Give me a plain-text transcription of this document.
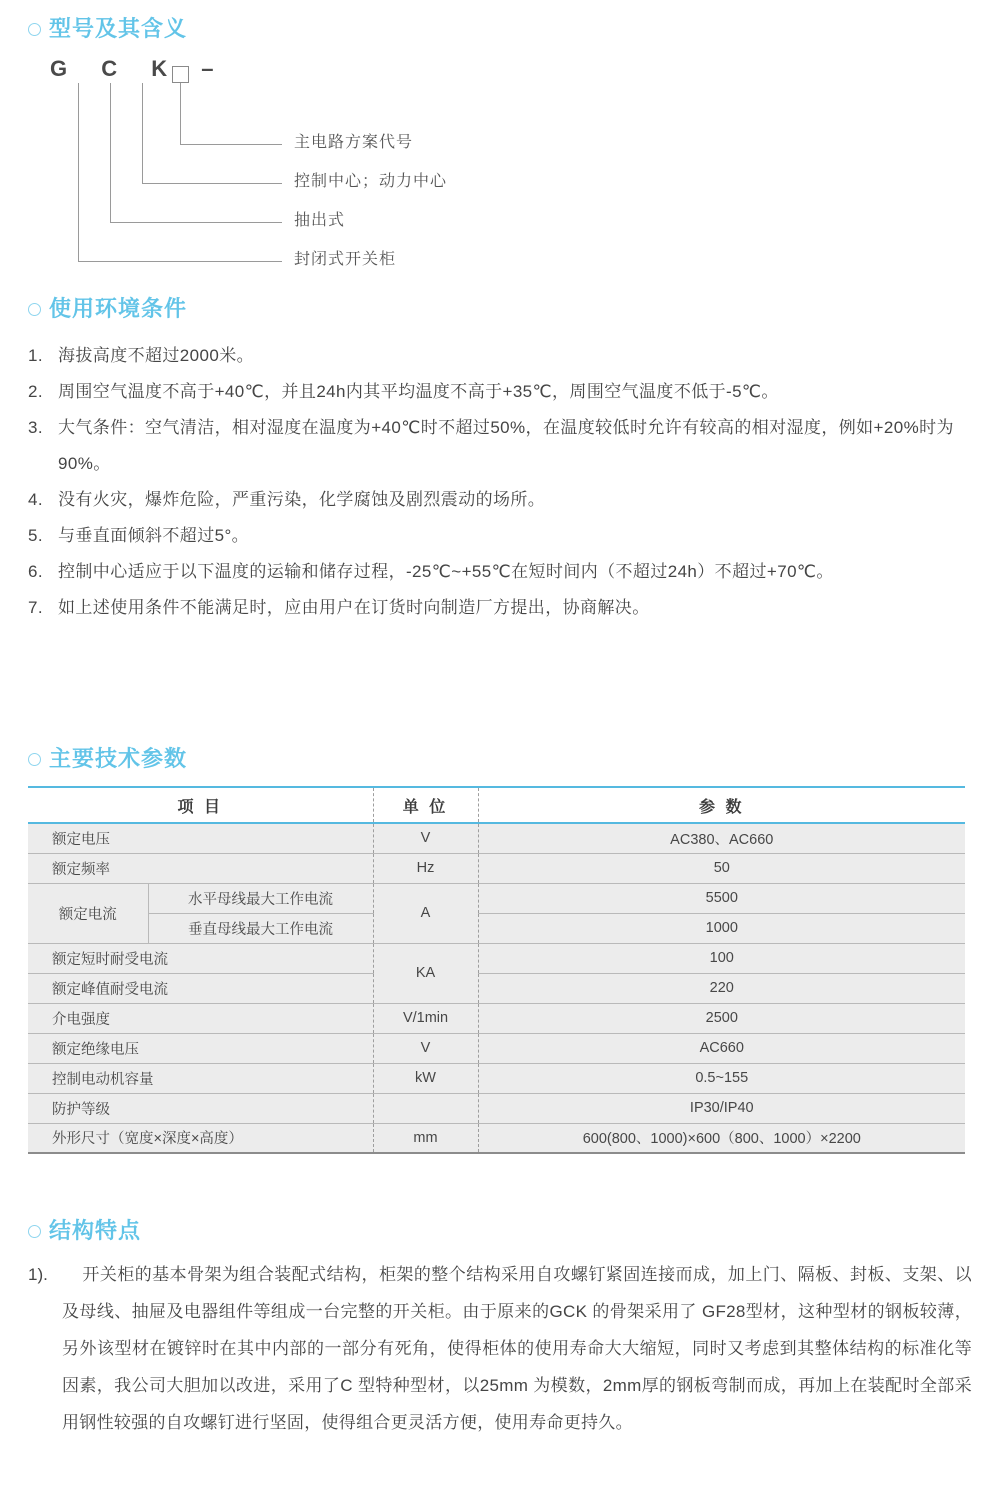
型号及其含义
G C K –
主电路方案代号
控制中心；动力中心
抽出式
封闭式开关柜
使用环境条件
1. 海拔高度不超过2000米。
2. 周围空气温度不高于+40℃，并且24h内其平均温度不高于+35℃，周围空气温度不低于-5℃。
3. 大气条件：空气清洁，相对湿度在温度为+40℃时不超过50%，在温度较低时允许有较高的相对湿度，例如+20%时为90%。
4. 没有火灾，爆炸危险，严重污染，化学腐蚀及剧烈震动的场所。
5. 与垂直面倾斜不超过5°。
6. 控制中心适应于以下温度的运输和储存过程，-25℃~+55℃在短时间内（不超过24h）不超过+70℃。
7. 如上述使用条件不能满足时，应由用户在订货时向制造厂方提出，协商解决。
主要技术参数
项 目		单 位	参 数
额定电压		V	AC380、AC660
额定频率		Hz	50
额定电流	水平母线最大工作电流	A	5500
	垂直母线最大工作电流		1000
额定短时耐受电流		KA	100
额定峰值耐受电流			220
介电强度		V/1min	2500
额定绝缘电压		V	AC660
控制电动机容量		kW	0.5~155
防护等级			IP30/IP40
外形尺寸（宽度×深度×高度）		mm	600(800、1000)×600（800、1000）×2200
结构特点
1).	开关柜的基本骨架为组合装配式结构，柜架的整个结构采用自攻螺钉紧固连接而成，加上门、隔板、封板、支架、以及母线、抽屉及电器组件等组成一台完整的开关柜。由于原来的GCK 的骨架采用了 GF28型材，这种型材的钢板较薄，另外该型材在镀锌时在其中内部的一部分有死角，使得柜体的使用寿命大大缩短，同时又考虑到其整体结构的标准化等因素，我公司大胆加以改进，采用了C 型特种型材，以25mm 为模数，2mm厚的钢板弯制而成，再加上在装配时全部采用钢性较强的自攻螺钉进行坚固，使得组合更灵活方便，使用寿命更持久。
